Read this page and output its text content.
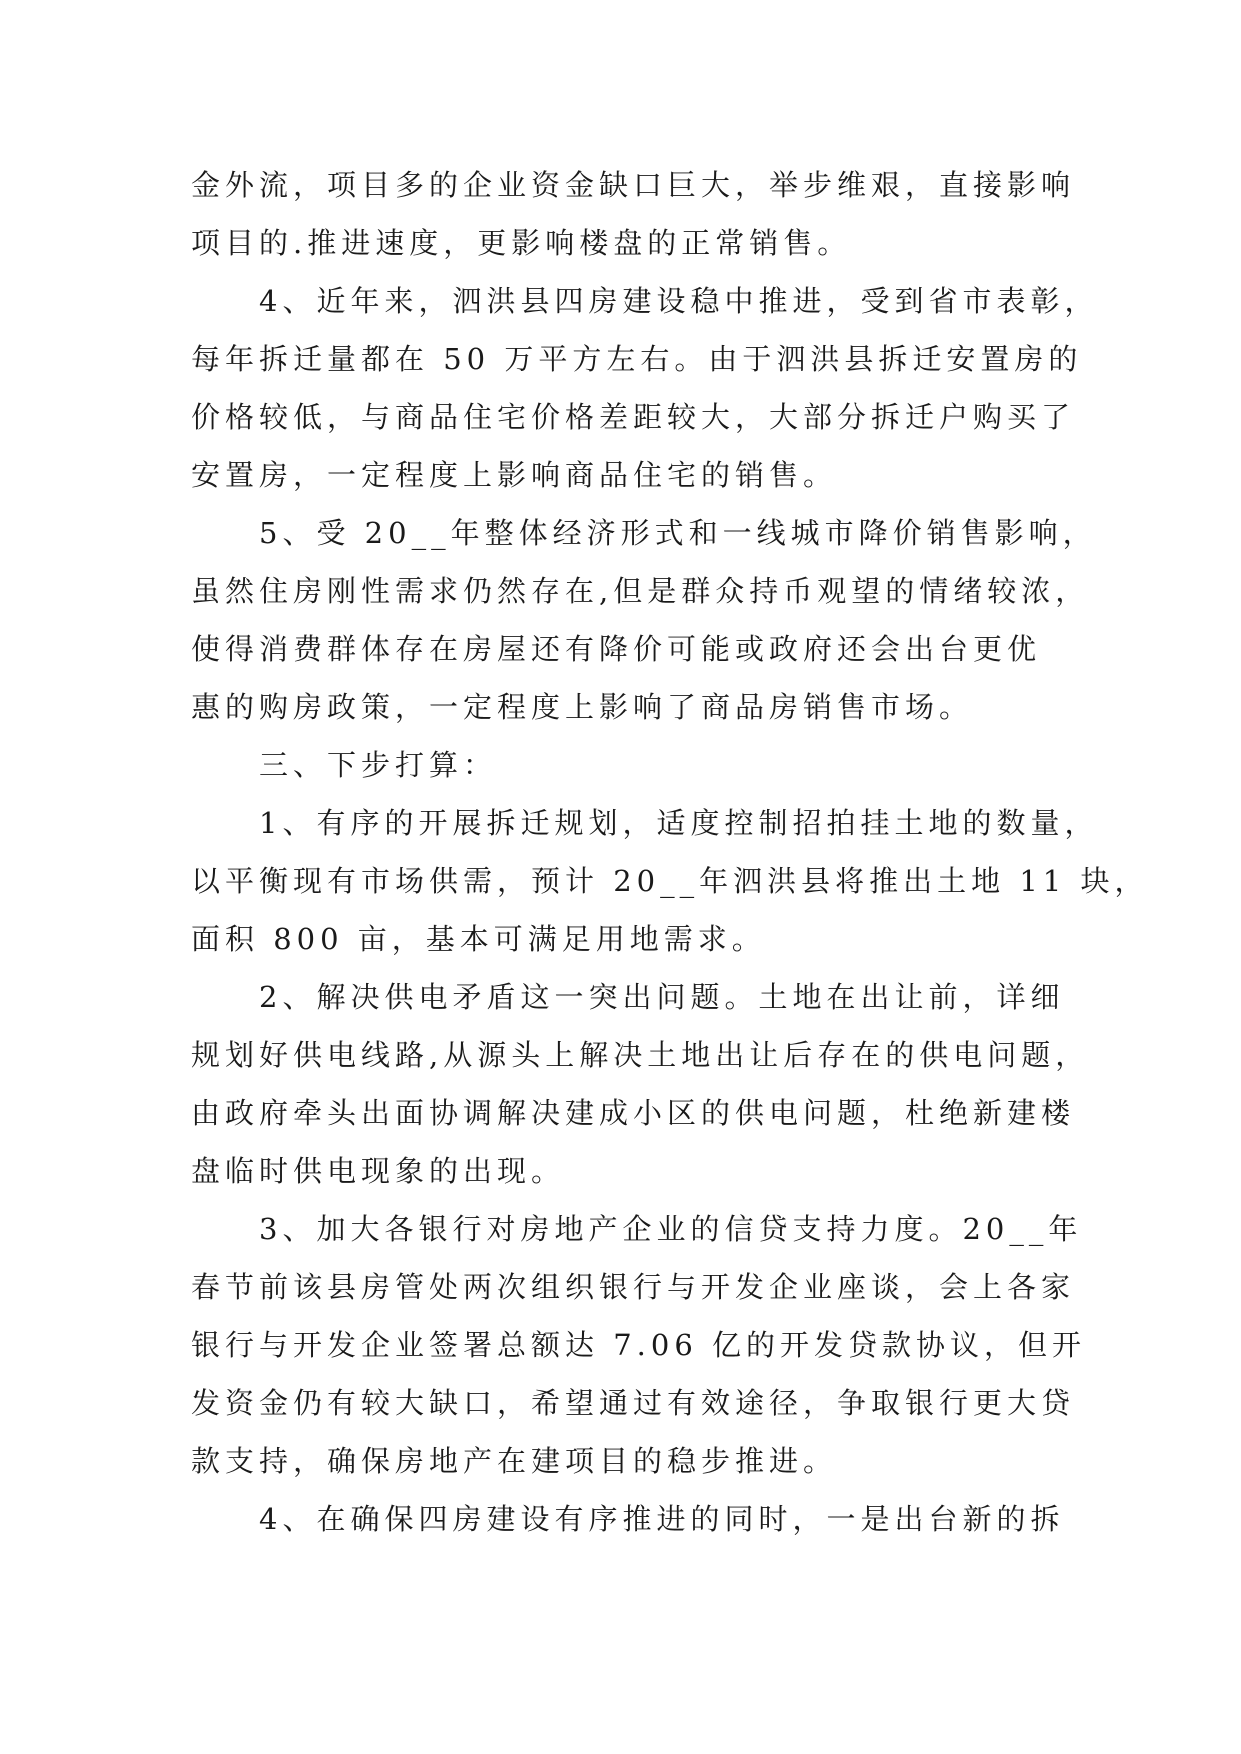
金外流，项目多的企业资金缺口巨大，举步维艰，直接影响
项目的.推进速度，更影响楼盘的正常销售。
　　4、近年来，泗洪县四房建设稳中推进，受到省市表彰，
每年拆迁量都在 50 万平方左右。由于泗洪县拆迁安置房的
价格较低，与商品住宅价格差距较大，大部分拆迁户购买了
安置房，一定程度上影响商品住宅的销售。
　　5、受 20__年整体经济形式和一线城市降价销售影响，
虽然住房刚性需求仍然存在,但是群众持币观望的情绪较浓，
使得消费群体存在房屋还有降价可能或政府还会出台更优
惠的购房政策，一定程度上影响了商品房销售市场。
　　三、下步打算：
　　1、有序的开展拆迁规划，适度控制招拍挂土地的数量，
以平衡现有市场供需，预计 20__年泗洪县将推出土地 11 块，
面积 800 亩，基本可满足用地需求。
　　2、解决供电矛盾这一突出问题。土地在出让前，详细
规划好供电线路,从源头上解决土地出让后存在的供电问题，
由政府牵头出面协调解决建成小区的供电问题，杜绝新建楼
盘临时供电现象的出现。
　　3、加大各银行对房地产企业的信贷支持力度。20__年
春节前该县房管处两次组织银行与开发企业座谈，会上各家
银行与开发企业签署总额达 7.06 亿的开发贷款协议，但开
发资金仍有较大缺口，希望通过有效途径，争取银行更大贷
款支持，确保房地产在建项目的稳步推进。
　　4、在确保四房建设有序推进的同时，一是出台新的拆
